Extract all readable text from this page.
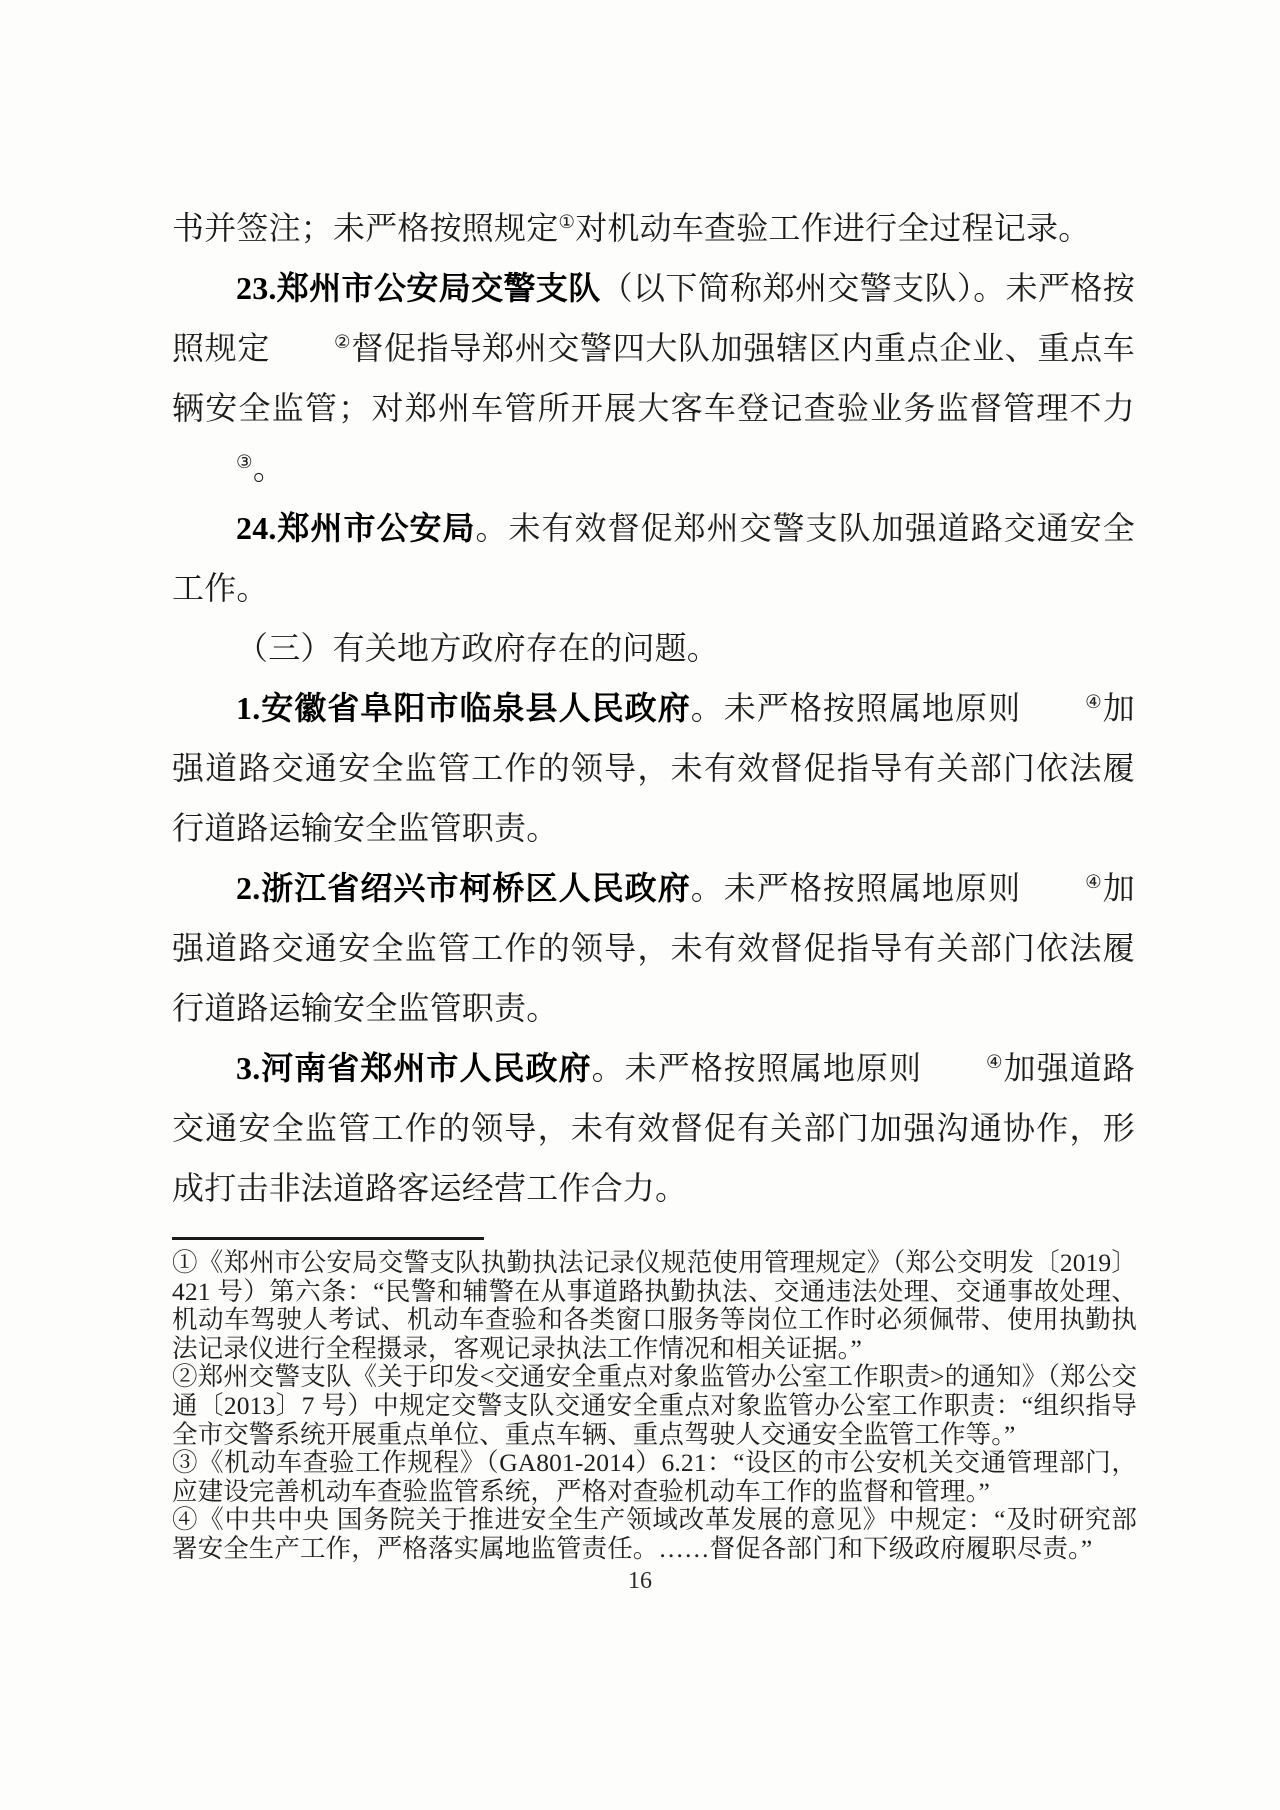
书并签注；未严格按照规定①对机动车查验工作进行全过程记录。

23.郑州市公安局交警支队（以下简称郑州交警支队）。未严格按照规定	②督促指导郑州交警四大队加强辖区内重点企业、重点车辆安全监管；对郑州车管所开展大客车登记查验业务监督管理不力③。

24.郑州市公安局。未有效督促郑州交警支队加强道路交通安全工作。

（三）有关地方政府存在的问题。

1.安徽省阜阳市临泉县人民政府。未严格按照属地原则	④加强道路交通安全监管工作的领导，未有效督促指导有关部门依法履行道路运输安全监管职责。

2.浙江省绍兴市柯桥区人民政府。未严格按照属地原则	④加强道路交通安全监管工作的领导，未有效督促指导有关部门依法履行道路运输安全监管职责。

3.河南省郑州市人民政府。未严格按照属地原则	④加强道路交通安全监管工作的领导，未有效督促有关部门加强沟通协作，形成打击非法道路客运经营工作合力。

①《郑州市公安局交警支队执勤执法记录仪规范使用管理规定》（郑公交明发〔2019〕421 号）第六条：“民警和辅警在从事道路执勤执法、交通违法处理、交通事故处理、机动车驾驶人考试、机动车查验和各类窗口服务等岗位工作时必须佩带、使用执勤执法记录仪进行全程摄录，客观记录执法工作情况和相关证据。”

②郑州交警支队《关于印发<交通安全重点对象监管办公室工作职责>的通知》（郑公交通〔2013〕7 号）中规定交警支队交通安全重点对象监管办公室工作职责：“组织指导全市交警系统开展重点单位、重点车辆、重点驾驶人交通安全监管工作等。”

③《机动车查验工作规程》（GA801-2014）6.21：“设区的市公安机关交通管理部门，应建设完善机动车查验监管系统，严格对查验机动车工作的监督和管理。”

④《中共中央 国务院关于推进安全生产领域改革发展的意见》中规定：“及时研究部署安全生产工作，严格落实属地监管责任。……督促各部门和下级政府履职尽责。”

16
